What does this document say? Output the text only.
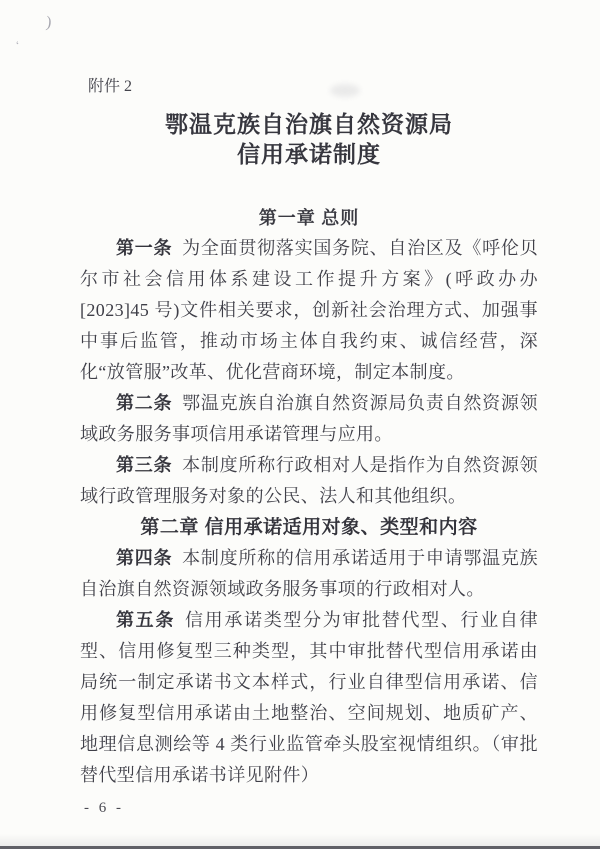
)
ʻ
附件 2
鄂温克族自治旗自然资源局
信用承诺制度
第一章 总则

第一条 为全面贯彻落实国务院、自治区及《呼伦贝尔市社会信用体系建设工作提升方案》(呼政办办[2023]45 号)文件相关要求，创新社会治理方式、加强事中事后监管，推动市场主体自我约束、诚信经营，深化“放管服”改革、优化营商环境，制定本制度。

第二条 鄂温克族自治旗自然资源局负责自然资源领域政务服务事项信用承诺管理与应用。

第三条 本制度所称行政相对人是指作为自然资源领域行政管理服务对象的公民、法人和其他组织。

第二章 信用承诺适用对象、类型和内容

第四条 本制度所称的信用承诺适用于申请鄂温克族自治旗自然资源领域政务服务事项的行政相对人。

第五条 信用承诺类型分为审批替代型、行业自律型、信用修复型三种类型，其中审批替代型信用承诺由局统一制定承诺书文本样式，行业自律型信用承诺、信用修复型信用承诺由土地整治、空间规划、地质矿产、地理信息测绘等 4 类行业监管牵头股室视情组织。（审批替代型信用承诺书详见附件）

- 6 -
